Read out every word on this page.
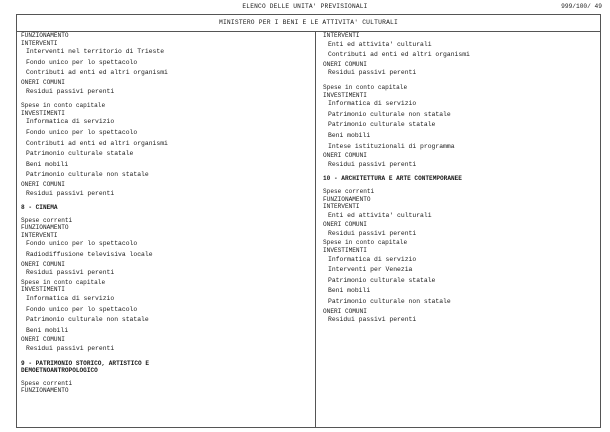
ELENCO DELLE UNITA' PREVISIONALI	999/100/ 49
MINISTERO PER I BENI E LE ATTIVITA' CULTURALI
FUNZIONAMENTO
INTERVENTI
Interventi nel territorio di Trieste
Fondo unico per lo spettacolo
Contributi ad enti ed altri organismi
ONERI COMUNI
Residui passivi perenti
Spese in conto capitale
INVESTIMENTI
Informatica di servizio
Fondo unico per lo spettacolo
Contributi ad enti ed altri organismi
Patrimonio culturale statale
Beni mobili
Patrimonio culturale non statale
ONERI COMUNI
Residui passivi perenti
8 - CINEMA
Spese correnti
FUNZIONAMENTO
INTERVENTI
Fondo unico per lo spettacolo
Radiodiffusione televisiva locale
ONERI COMUNI
Residui passivi perenti
Spese in conto capitale
INVESTIMENTI
Informatica di servizio
Fondo unico per lo spettacolo
Patrimonio culturale non statale
Beni mobili
ONERI COMUNI
Residui passivi perenti
9 - PATRIMONIO STORICO, ARTISTICO E
DEMOETNOANTROPOLOGICO
Spese correnti
FUNZIONAMENTO
INTERVENTI
Enti ed attivita' culturali
Contributi ad enti ed altri organismi
ONERI COMUNI
Residui passivi perenti
Spese in conto capitale
INVESTIMENTI
Informatica di servizio
Patrimonio culturale non statale
Patrimonio culturale statale
Beni mobili
Intese istituzionali di programma
ONERI COMUNI
Residui passivi perenti
10 - ARCHITETTURA E ARTE CONTEMPORANEE
Spese correnti
FUNZIONAMENTO
INTERVENTI
Enti ed attivita' culturali
ONERI COMUNI
Residui passivi perenti
Spese in conto capitale
INVESTIMENTI
Informatica di servizio
Interventi per Venezia
Patrimonio culturale statale
Beni mobili
Patrimonio culturale non statale
ONERI COMUNI
Residui passivi perenti
